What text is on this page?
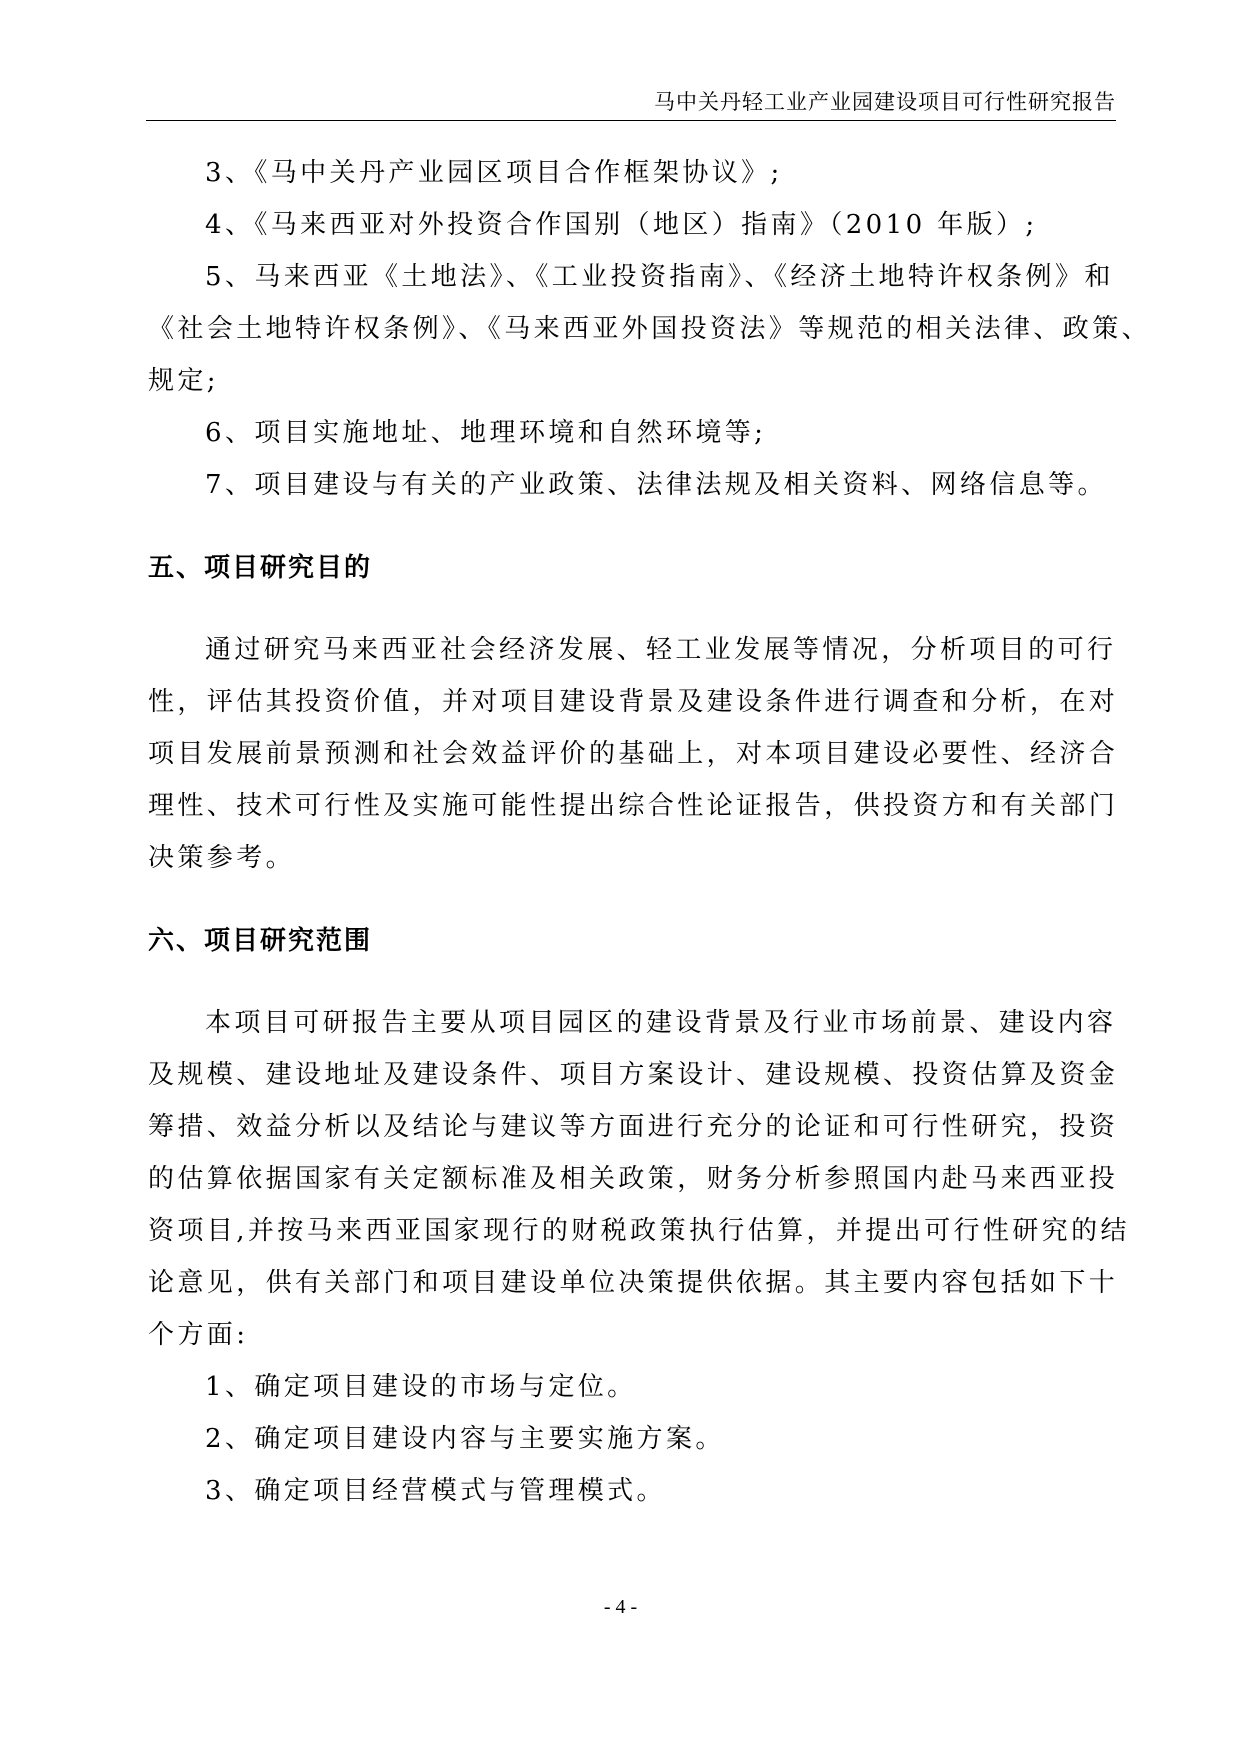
马中关丹轻工业产业园建设项目可行性研究报告

3、《马中关丹产业园区项目合作框架协议》;

4、《马来西亚对外投资合作国别（地区）指南》（2010 年版）;

5、马来西亚《土地法》、《工业投资指南》、《经济土地特许权条例》和

《社会土地特许权条例》、《马来西亚外国投资法》等规范的相关法律、政策、

规定;

6、项目实施地址、地理环境和自然环境等;

7、项目建设与有关的产业政策、法律法规及相关资料、网络信息等。

五、项目研究目的

通过研究马来西亚社会经济发展、轻工业发展等情况，分析项目的可行

性，评估其投资价值，并对项目建设背景及建设条件进行调查和分析，在对

项目发展前景预测和社会效益评价的基础上，对本项目建设必要性、经济合

理性、技术可行性及实施可能性提出综合性论证报告，供投资方和有关部门

决策参考。

六、项目研究范围

本项目可研报告主要从项目园区的建设背景及行业市场前景、建设内容

及规模、建设地址及建设条件、项目方案设计、建设规模、投资估算及资金

筹措、效益分析以及结论与建议等方面进行充分的论证和可行性研究，投资

的估算依据国家有关定额标准及相关政策，财务分析参照国内赴马来西亚投

资项目,并按马来西亚国家现行的财税政策执行估算，并提出可行性研究的结

论意见，供有关部门和项目建设单位决策提供依据。其主要内容包括如下十

个方面:

1、确定项目建设的市场与定位。

2、确定项目建设内容与主要实施方案。

3、确定项目经营模式与管理模式。

- 4 -
